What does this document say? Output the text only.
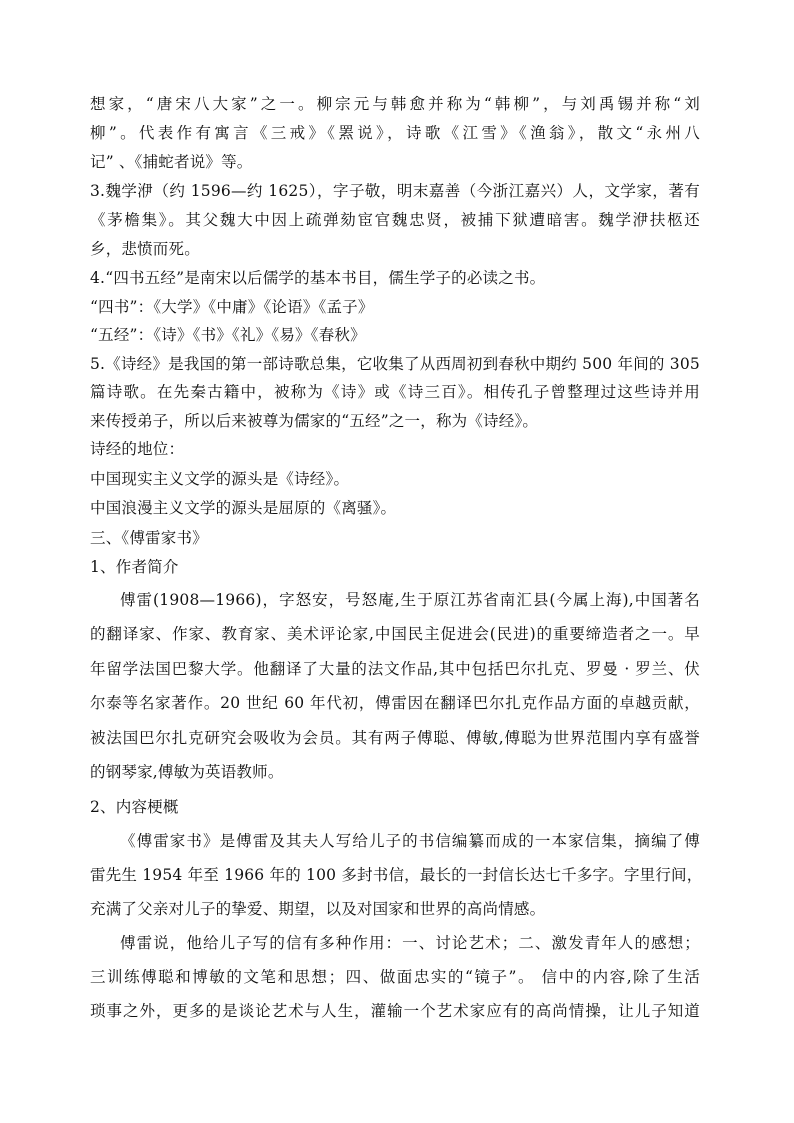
想家，“唐宋八大家”之一。柳宗元与韩愈并称为“韩柳”，与刘禹锡并称“刘
柳”。代表作有寓言《三戒》《罴说》，诗歌《江雪》《渔翁》，散文“永州八
记” 、《捕蛇者说》等。
3.魏学洢（约 1596—约 1625），字子敬，明末嘉善（今浙江嘉兴）人，文学家，著有
《茅檐集》。其父魏大中因上疏弹劾宦官魏忠贤，被捕下狱遭暗害。魏学洢扶柩还
乡，悲愤而死。
4.“四书五经”是南宋以后儒学的基本书目，儒生学子的必读之书。
“四书”：《大学》《中庸》《论语》《孟子》
“五经”：《诗》《书》《礼》《易》《春秋》
5.《诗经》是我国的第一部诗歌总集，它收集了从西周初到春秋中期约 500 年间的 305
篇诗歌。在先秦古籍中，被称为《诗》或《诗三百》。相传孔子曾整理过这些诗并用
来传授弟子，所以后来被尊为儒家的“五经”之一，称为《诗经》。
诗经的地位：
中国现实主义文学的源头是《诗经》。
中国浪漫主义文学的源头是屈原的《离骚》。
三、《傅雷家书》
1、作者简介
傅雷(1908—1966)，字怒安，号怒庵,生于原江苏省南汇县(今属上海),中国著名
的翻译家、作家、教育家、美术评论家,中国民主促进会(民进)的重要缔造者之一。早
年留学法国巴黎大学。他翻译了大量的法文作品,其中包括巴尔扎克、罗曼 · 罗兰、伏
尔泰等名家著作。20 世纪 60 年代初，傅雷因在翻译巴尔扎克作品方面的卓越贡献，
被法国巴尔扎克研究会吸收为会员。其有两子傅聪、傅敏,傅聪为世界范围内享有盛誉
的钢琴家,傅敏为英语教师。
2、内容梗概
《傅雷家书》是傅雷及其夫人写给儿子的书信编纂而成的一本家信集，摘编了傅
雷先生 1954 年至 1966 年的 100 多封书信，最长的一封信长达七千多字。字里行间，
充满了父亲对儿子的挚爱、期望，以及对国家和世界的高尚情感。
傅雷说，他给儿子写的信有多种作用：一、讨论艺术；二、激发青年人的感想；
三训练傅聪和博敏的文笔和思想；四、做面忠实的“镜子”。 信中的内容,除了生活
琐事之外，更多的是谈论艺术与人生，灌输一个艺术家应有的高尚情操，让儿子知道
